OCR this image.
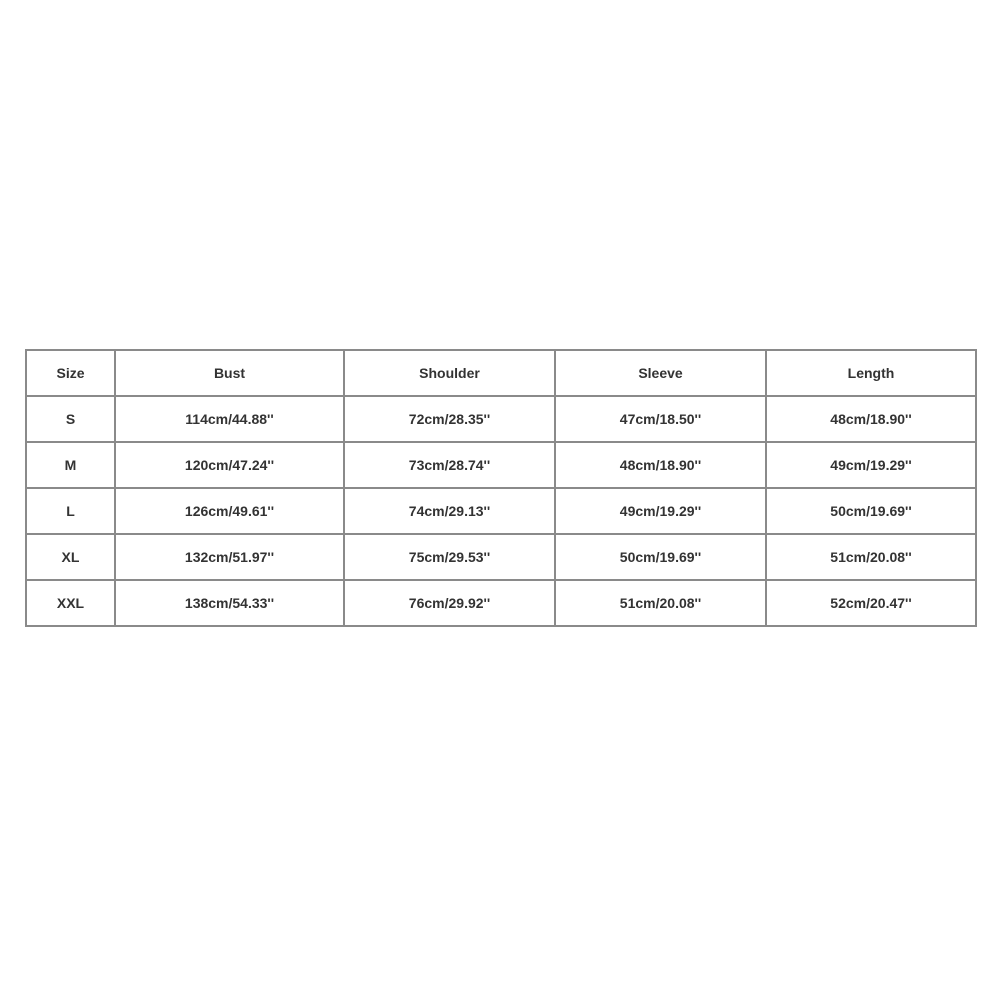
Size	Bust	Shoulder	Sleeve	Length
S	114cm/44.88''	72cm/28.35''	47cm/18.50''	48cm/18.90''
M	120cm/47.24''	73cm/28.74''	48cm/18.90''	49cm/19.29''
L	126cm/49.61''	74cm/29.13''	49cm/19.29''	50cm/19.69''
XL	132cm/51.97''	75cm/29.53''	50cm/19.69''	51cm/20.08''
XXL	138cm/54.33''	76cm/29.92''	51cm/20.08''	52cm/20.47''
